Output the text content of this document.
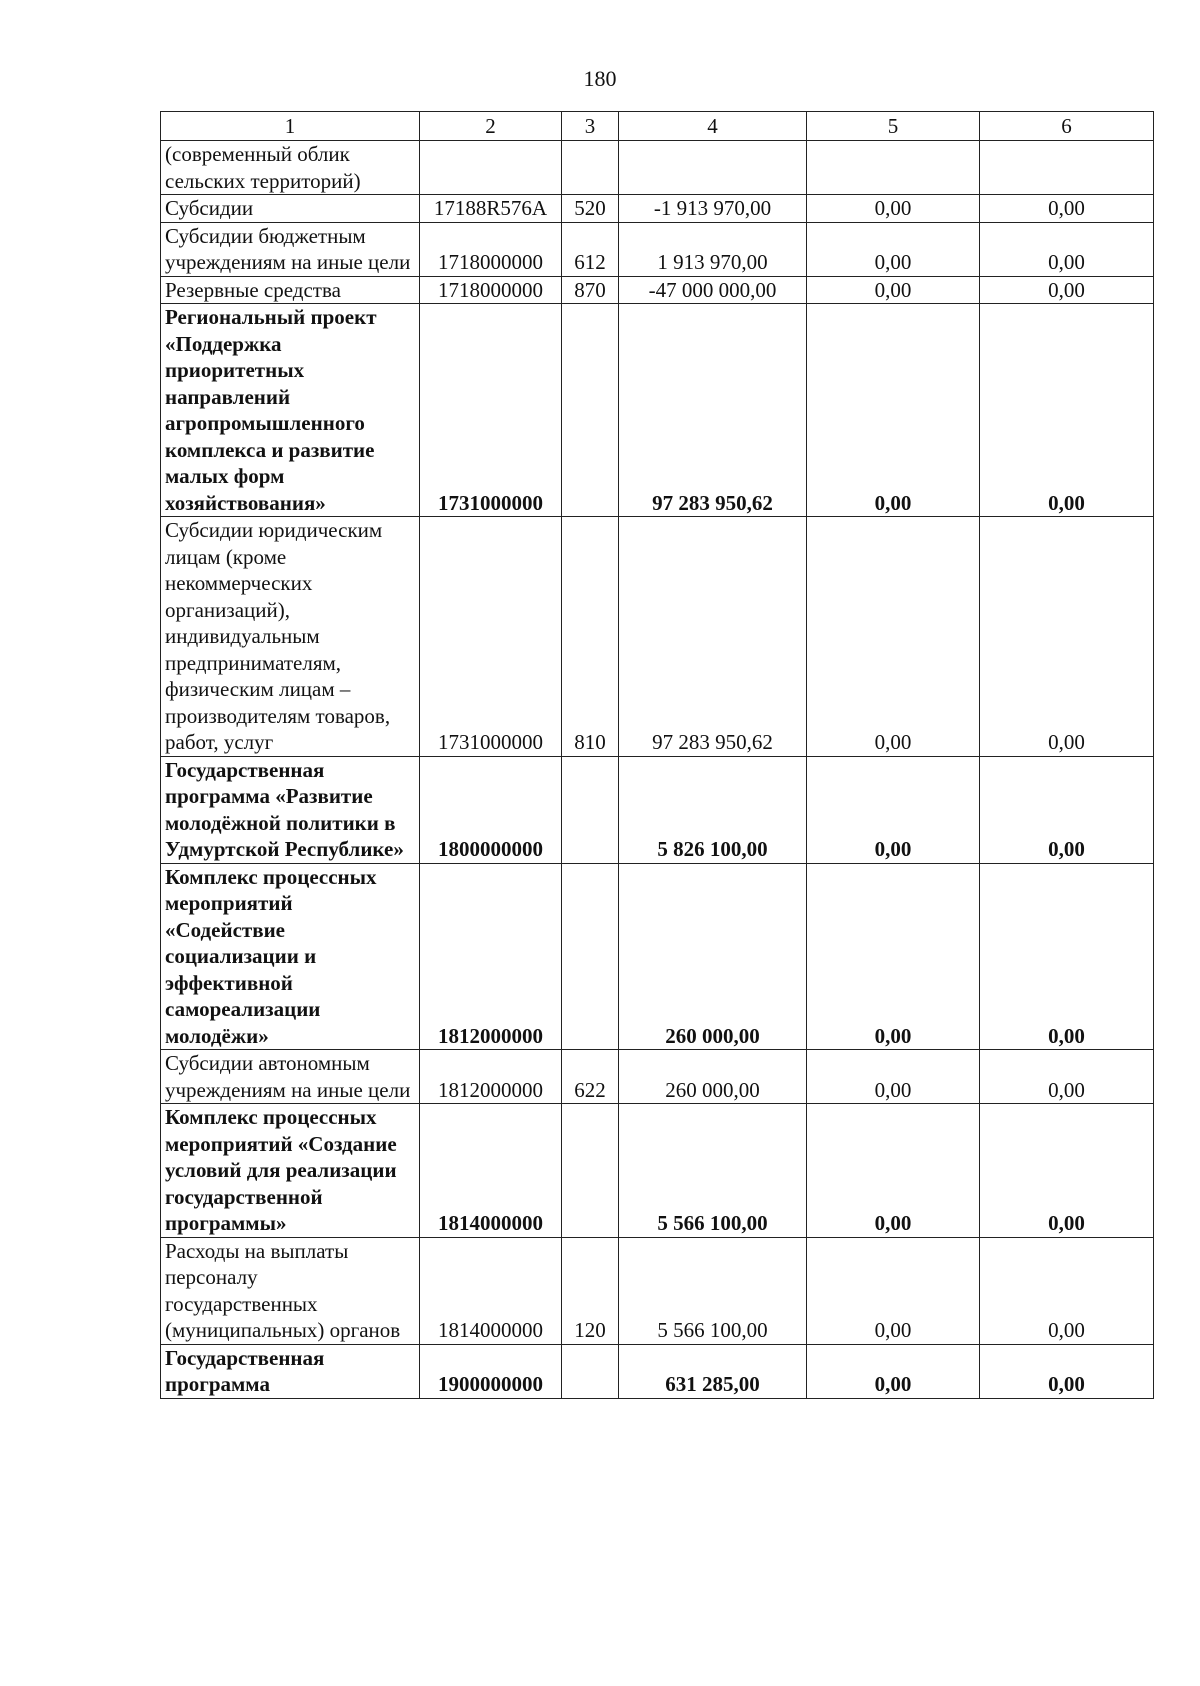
180
1	2	3	4	5	6
(современный облик сельских территорий)					
Субсидии	17188R576A	520	-1 913 970,00	0,00	0,00
Субсидии бюджетным учреждениям на иные цели	1718000000	612	1 913 970,00	0,00	0,00
Резервные средства	1718000000	870	-47 000 000,00	0,00	0,00
Региональный проект «Поддержка приоритетных направлений агропромышленного комплекса и развитие малых форм хозяйствования»	1731000000		97 283 950,62	0,00	0,00
Субсидии юридическим лицам (кроме некоммерческих организаций), индивидуальным предпринимателям, физическим лицам – производителям товаров, работ, услуг	1731000000	810	97 283 950,62	0,00	0,00
Государственная программа «Развитие молодёжной политики в Удмуртской Республике»	1800000000		5 826 100,00	0,00	0,00
Комплекс процессных мероприятий «Содействие социализации и эффективной самореализации молодёжи»	1812000000		260 000,00	0,00	0,00
Субсидии автономным учреждениям на иные цели	1812000000	622	260 000,00	0,00	0,00
Комплекс процессных мероприятий «Создание условий для реализации государственной программы»	1814000000		5 566 100,00	0,00	0,00
Расходы на выплаты персоналу государственных (муниципальных) органов	1814000000	120	5 566 100,00	0,00	0,00
Государственная программа	1900000000		631 285,00	0,00	0,00
